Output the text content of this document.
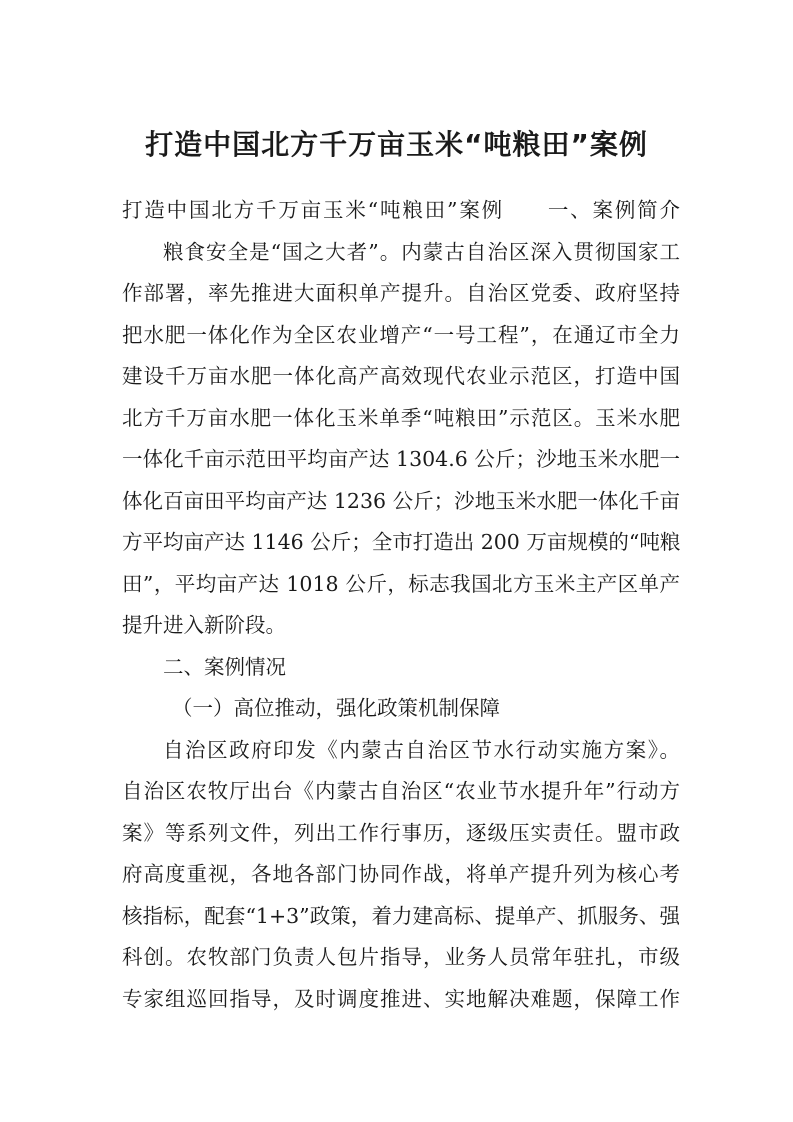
打造中国北方千万亩玉米“吨粮田”案例
打造中国北方千万亩玉米“吨粮田”案例 一、案例简介
粮食安全是“国之大者”。内蒙古自治区深入贯彻国家工
作部署，率先推进大面积单产提升。自治区党委、政府坚持
把水肥一体化作为全区农业增产“一号工程”，在通辽市全力
建设千万亩水肥一体化高产高效现代农业示范区，打造中国
北方千万亩水肥一体化玉米单季“吨粮田”示范区。玉米水肥
一体化千亩示范田平均亩产达 1304.6 公斤；沙地玉米水肥一
体化百亩田平均亩产达 1236 公斤；沙地玉米水肥一体化千亩
方平均亩产达 1146 公斤；全市打造出 200 万亩规模的“吨粮
田”，平均亩产达 1018 公斤，标志我国北方玉米主产区单产
提升进入新阶段。
二、案例情况
（一）高位推动，强化政策机制保障
自治区政府印发《内蒙古自治区节水行动实施方案》。
自治区农牧厅出台《内蒙古自治区“农业节水提升年”行动方
案》等系列文件，列出工作行事历，逐级压实责任。盟市政
府高度重视，各地各部门协同作战，将单产提升列为核心考
核指标，配套“1+3”政策，着力建高标、提单产、抓服务、强
科创。农牧部门负责人包片指导，业务人员常年驻扎，市级
专家组巡回指导，及时调度推进、实地解决难题，保障工作
